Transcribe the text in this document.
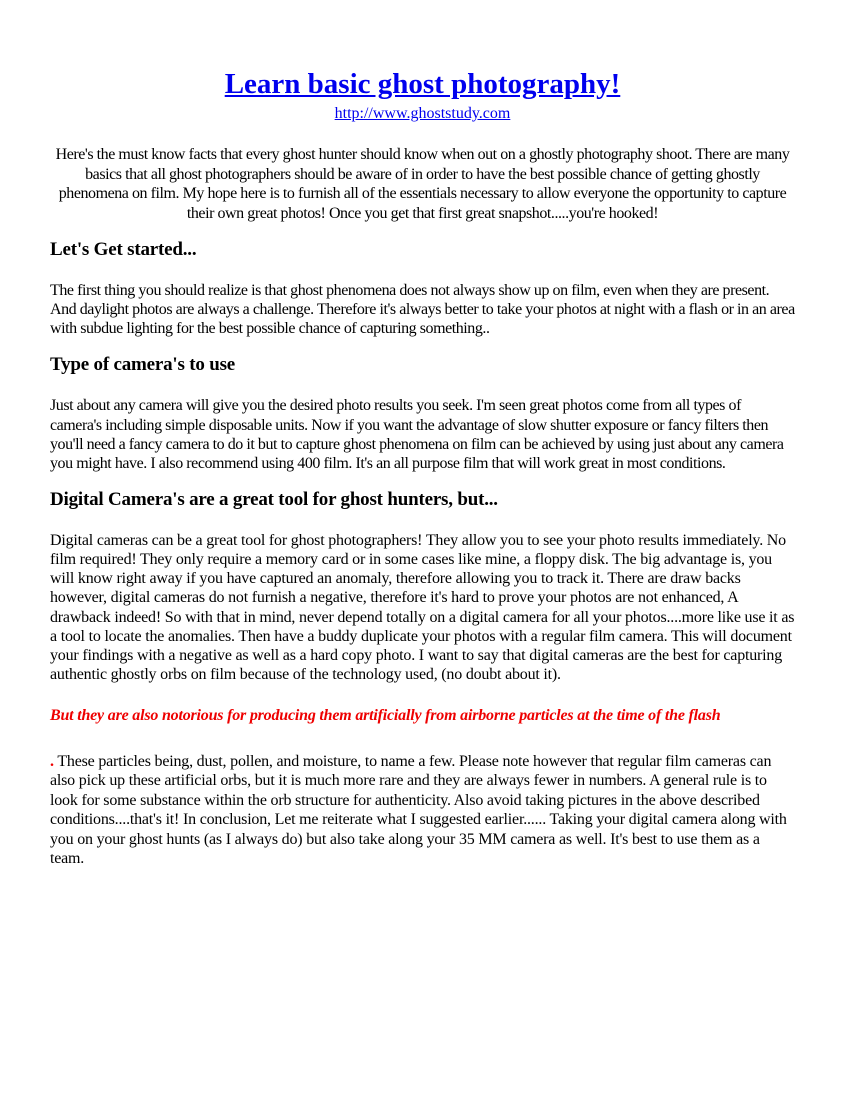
Learn basic ghost photography!
http://www.ghoststudy.com

Here's the must know facts that every ghost hunter should know when out on a ghostly photography shoot. There are many basics that all ghost photographers should be aware of in order to have the best possible chance of getting ghostly phenomena on film. My hope here is to furnish all of the essentials necessary to allow everyone the opportunity to capture their own great photos! Once you get that first great snapshot.....you're hooked!

Let's Get started...

The first thing you should realize is that ghost phenomena does not always show up on film, even when they are present. And daylight photos are always a challenge. Therefore it's always better to take your photos at night with a flash or in an area with subdue lighting for the best possible chance of capturing something..

Type of camera's to use

Just about any camera will give you the desired photo results you seek. I'm seen great photos come from all types of camera's including simple disposable units. Now if you want the advantage of slow shutter exposure or fancy filters then you'll need a fancy camera to do it but to capture ghost phenomena on film can be achieved by using just about any camera you might have. I also recommend using 400 film. It's an all purpose film that will work great in most conditions.

Digital Camera's are a great tool for ghost hunters, but...

Digital cameras can be a great tool for ghost photographers! They allow you to see your photo results immediately. No film required! They only require a memory card or in some cases like mine, a floppy disk. The big advantage is, you will know right away if you have captured an anomaly, therefore allowing you to track it. There are draw backs however, digital cameras do not furnish a negative, therefore it's hard to prove your photos are not enhanced, A drawback indeed! So with that in mind, never depend totally on a digital camera for all your photos....more like use it as a tool to locate the anomalies. Then have a buddy duplicate your photos with a regular film camera. This will document your findings with a negative as well as a hard copy photo. I want to say that digital cameras are the best for capturing authentic ghostly orbs on film because of the technology used, (no doubt about it).

But they are also notorious for producing them artificially from airborne particles at the time of the flash

. These particles being, dust, pollen, and moisture, to name a few. Please note however that regular film cameras can also pick up these artificial orbs, but it is much more rare and they are always fewer in numbers. A general rule is to look for some substance within the orb structure for authenticity. Also avoid taking pictures in the above described conditions....that's it! In conclusion, Let me reiterate what I suggested earlier...... Taking your digital camera along with you on your ghost hunts (as I always do) but also take along your 35 MM camera as well. It's best to use them as a team.
